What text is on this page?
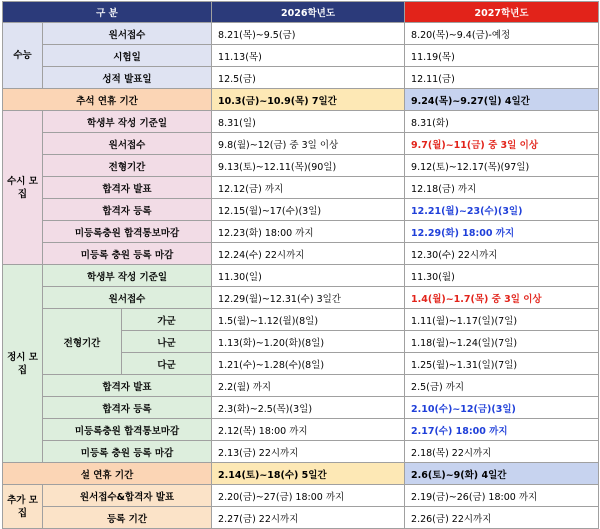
구 분			2026학년도	2027학년도
수능	원서접수		8.21(목)~9.5(금)	8.20(목)~9.4(금)-예정
	시험일		11.13(목)	11.19(목)
	성적 발표일		12.5(금)	12.11(금)
추석 연휴 기간			10.3(금)~10.9(목) 7일간	9.24(목)~9.27(일) 4일간
수시 모집	학생부 작성 기준일		8.31(일)	8.31(화)
	원서접수		9.8(월)~12(금) 중 3일 이상	9.7(월)~11(금) 중 3일 이상
	전형기간		9.13(토)~12.11(목)(90일)	9.12(토)~12.17(목)(97일)
	합격자 발표		12.12(금) 까지	12.18(금) 까지
	합격자 등록		12.15(월)~17(수)(3일)	12.21(월)~23(수)(3일)
	미등록충원 합격통보마감		12.23(화) 18:00 까지	12.29(화) 18:00 까지
	미등록 충원 등록 마감		12.24(수) 22시까지	12.30(수) 22시까지
정시 모집	학생부 작성 기준일		11.30(일)	11.30(월)
	원서접수		12.29(월)~12.31(수) 3일간	1.4(월)~1.7(목) 중 3일 이상
	전형기간	가군	1.5(월)~1.12(월)(8일)	1.11(월)~1.17(일)(7일)
		나군	1.13(화)~1.20(화)(8일)	1.18(월)~1.24(일)(7일)
		다군	1.21(수)~1.28(수)(8일)	1.25(월)~1.31(일)(7일)
	합격자 발표		2.2(월) 까지	2.5(금) 까지
	합격자 등록		2.3(화)~2.5(목)(3일)	2.10(수)~12(금)(3일)
	미등록충원 합격통보마감		2.12(목) 18:00 까지	2.17(수) 18:00 까지
	미등록 충원 등록 마감		2.13(금) 22시까지	2.18(목) 22시까지
설 연휴 기간			2.14(토)~18(수) 5일간	2.6(토)~9(화) 4일간
추가 모집	원서접수&합격자 발표		2.20(금)~27(금) 18:00 까지	2.19(금)~26(금) 18:00 까지
	등록 기간		2.27(금) 22시까지	2.26(금) 22시까지
